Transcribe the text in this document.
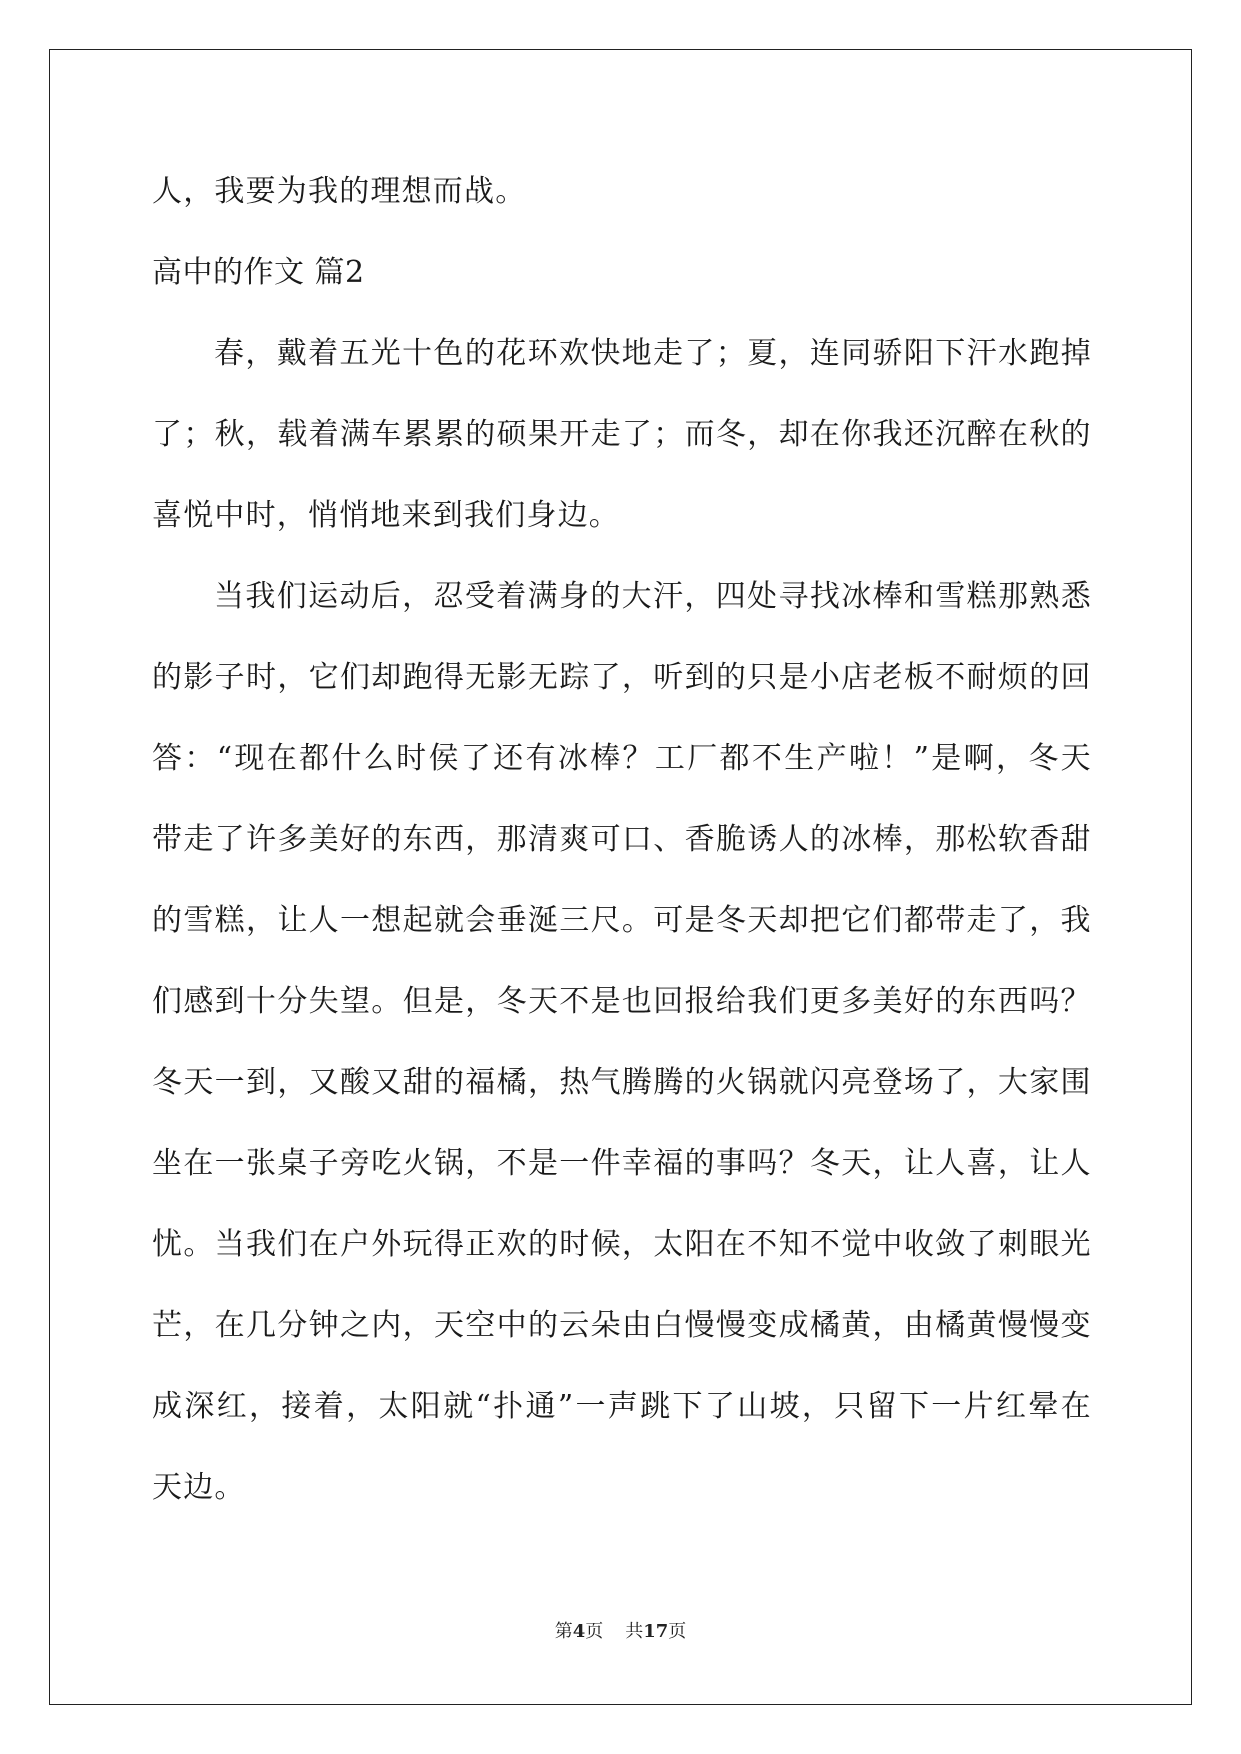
人，我要为我的理想而战。
高中的作文 篇2
春 ， 戴 着 五 光 十 色 的 花 环 欢 快 地 走 了 ； 夏 ， 连 同 骄 阳 下 汗 水 跑 掉
了 ； 秋 ， 载 着 满 车 累 累 的 硕 果 开 走 了 ； 而 冬 ， 却 在 你 我 还 沉 醉 在 秋 的
喜悦中时，悄悄地来到我们身边。
当 我 们 运 动 后 ， 忍 受 着 满 身 的 大 汗 ， 四 处 寻 找 冰 棒 和 雪 糕 那 熟 悉
的 影 子 时 ， 它 们 却 跑 得 无 影 无 踪 了 ， 听 到 的 只 是 小 店 老 板 不 耐 烦 的 回
答 ： “ 现 在 都 什 么 时 侯 了 还 有 冰 棒 ？ 工 厂 都 不 生 产 啦 ！ ” 是 啊 ， 冬 天
带 走 了 许 多 美 好 的 东 西 ， 那 清 爽 可 口 、 香 脆 诱 人 的 冰 棒 ， 那 松 软 香 甜
的 雪 糕 ， 让 人 一 想 起 就 会 垂 涎 三 尺 。 可 是 冬 天 却 把 它 们 都 带 走 了 ， 我
们 感 到 十 分 失 望 。 但 是 ， 冬 天 不 是 也 回 报 给 我 们 更 多 美 好 的 东 西 吗 ？
冬 天 一 到 ， 又 酸 又 甜 的 福 橘 ， 热 气 腾 腾 的 火 锅 就 闪 亮 登 场 了 ， 大 家 围
坐 在 一 张 桌 子 旁 吃 火 锅 ， 不 是 一 件 幸 福 的 事 吗 ？ 冬 天 ， 让 人 喜 ， 让 人
忧 。 当 我 们 在 户 外 玩 得 正 欢 的 时 候 ， 太 阳 在 不 知 不 觉 中 收 敛 了 刺 眼 光
芒 ， 在 几 分 钟 之 内 ， 天 空 中 的 云 朵 由 白 慢 慢 变 成 橘 黄 ， 由 橘 黄 慢 慢 变
成 深 红 ， 接 着 ， 太 阳 就 “ 扑 通 ” 一 声 跳 下 了 山 坡 ， 只 留 下 一 片 红 晕 在
天边。
第4页 共17页
